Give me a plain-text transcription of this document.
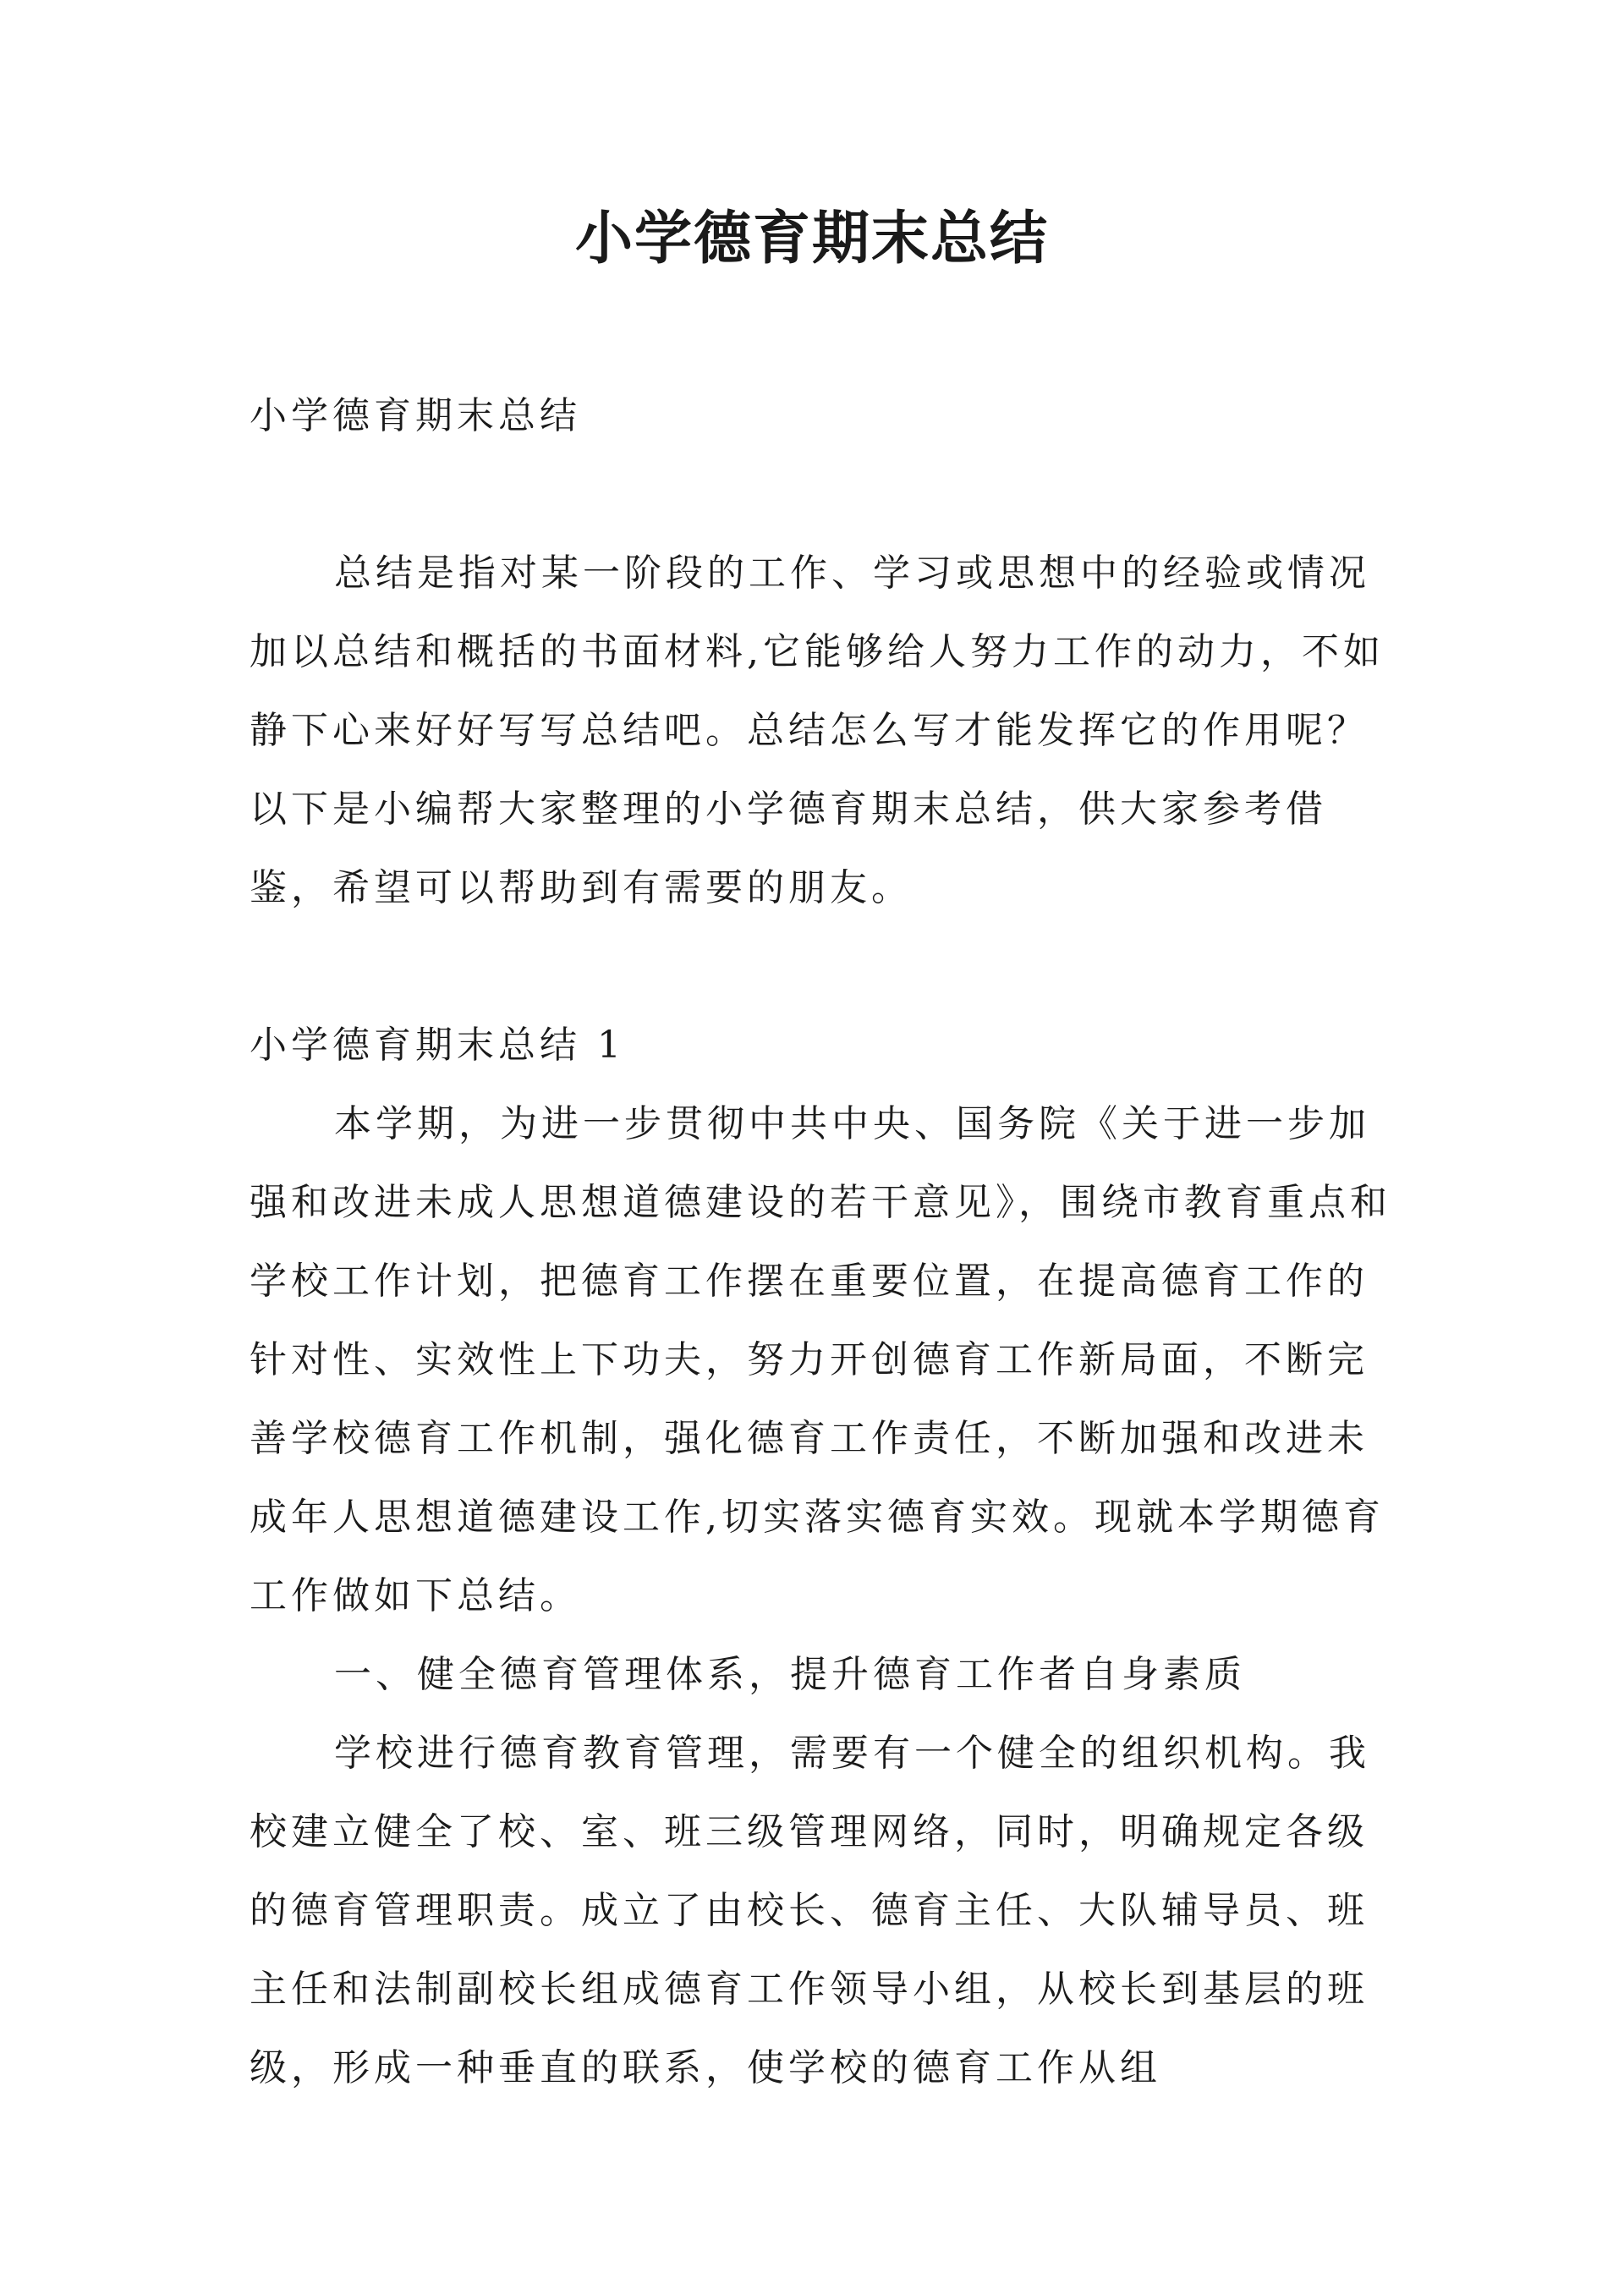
小学德育期末总结

小学德育期末总结

总结是指对某一阶段的工作、学习或思想中的经验或情况加以总结和概括的书面材料,它能够给人努力工作的动力，不如静下心来好好写写总结吧。总结怎么写才能发挥它的作用呢？以下是小编帮大家整理的小学德育期末总结，供大家参考借鉴，希望可以帮助到有需要的朋友。

小学德育期末总结 1

本学期，为进一步贯彻中共中央、国务院《关于进一步加强和改进未成人思想道德建设的若干意见》，围绕市教育重点和学校工作计划，把德育工作摆在重要位置，在提高德育工作的针对性、实效性上下功夫，努力开创德育工作新局面，不断完善学校德育工作机制，强化德育工作责任，不断加强和改进未成年人思想道德建设工作,切实落实德育实效。现就本学期德育工作做如下总结。

一、健全德育管理体系，提升德育工作者自身素质

学校进行德育教育管理，需要有一个健全的组织机构。我校建立健全了校、室、班三级管理网络，同时，明确规定各级的德育管理职责。成立了由校长、德育主任、大队辅导员、班主任和法制副校长组成德育工作领导小组，从校长到基层的班级，形成一种垂直的联系，使学校的德育工作从组
